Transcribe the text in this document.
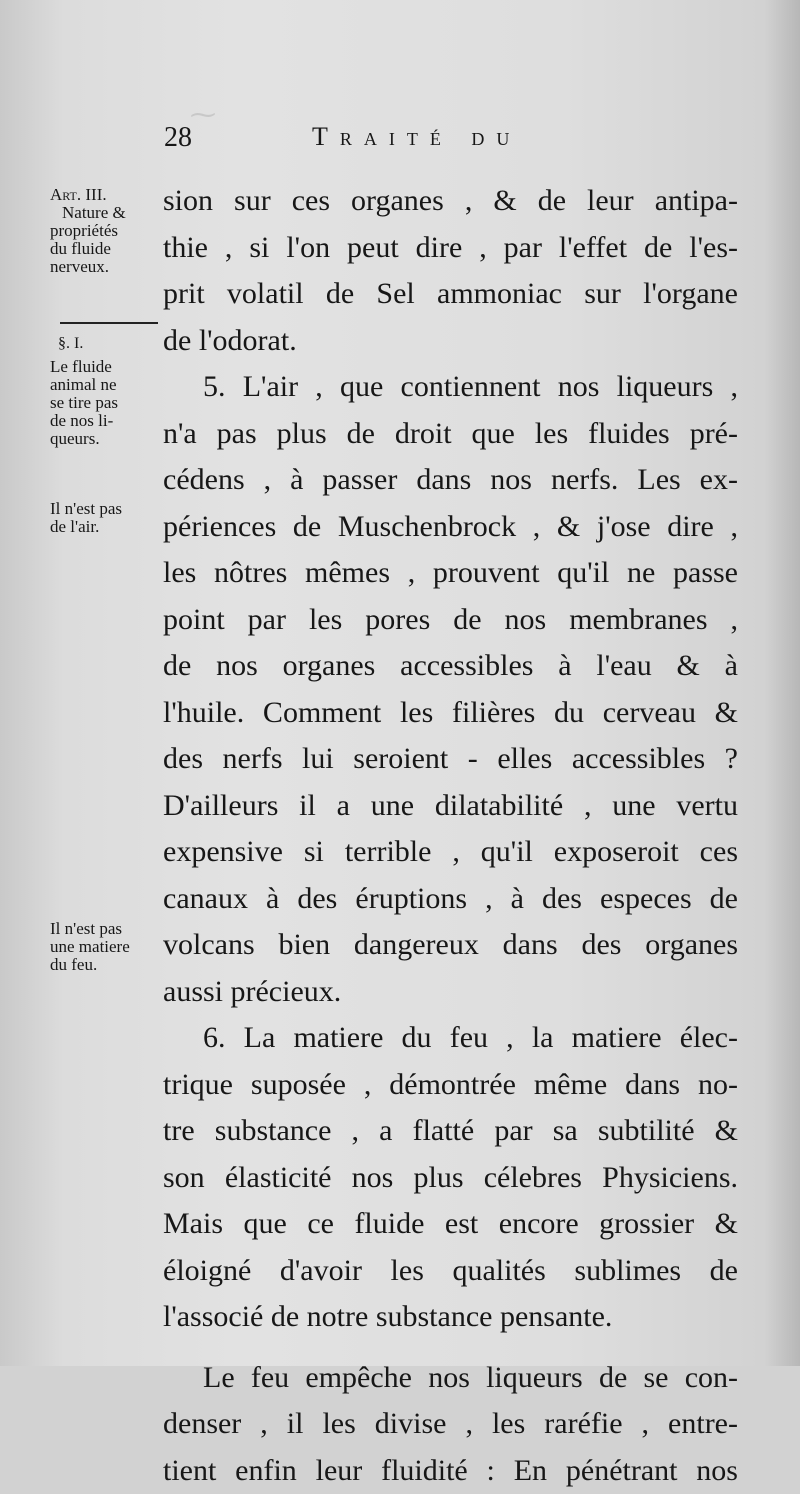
⁓
28	Traité du
Art. III.
Nature &
propriétés
du fluide
nerveux.
§. I.
Le fluide
animal ne
se tire pas
de nos li-
queurs.
Il n'est pas
de l'air.
Il n'est pas
une matiere
du feu.
sion sur ces organes , & de leur antipa-
thie , si l'on peut dire , par l'effet de l'es-
prit volatil de Sel ammoniac sur l'organe
de l'odorat.
5. L'air , que contiennent nos liqueurs ,
n'a pas plus de droit que les fluides pré-
cédens , à passer dans nos nerfs. Les ex-
périences de Muschenbrock , & j'ose dire ,
les nôtres mêmes , prouvent qu'il ne passe
point par les pores de nos membranes ,
de nos organes accessibles à l'eau & à
l'huile. Comment les filières du cerveau &
des nerfs lui seroient - elles accessibles ?
D'ailleurs il a une dilatabilité , une vertu
expensive si terrible , qu'il exposeroit ces
canaux à des éruptions , à des especes de
volcans bien dangereux dans des organes
aussi précieux.
6. La matiere du feu , la matiere élec-
trique suposée , démontrée même dans no-
tre substance , a flatté par sa subtilité &
son élasticité nos plus célebres Physiciens.
Mais que ce fluide est encore grossier &
éloigné d'avoir les qualités sublimes de
l'associé de notre substance pensante.
Le feu empêche nos liqueurs de se con-
denser , il les divise , les raréfie , entre-
tient enfin leur fluidité : En pénétrant nos
